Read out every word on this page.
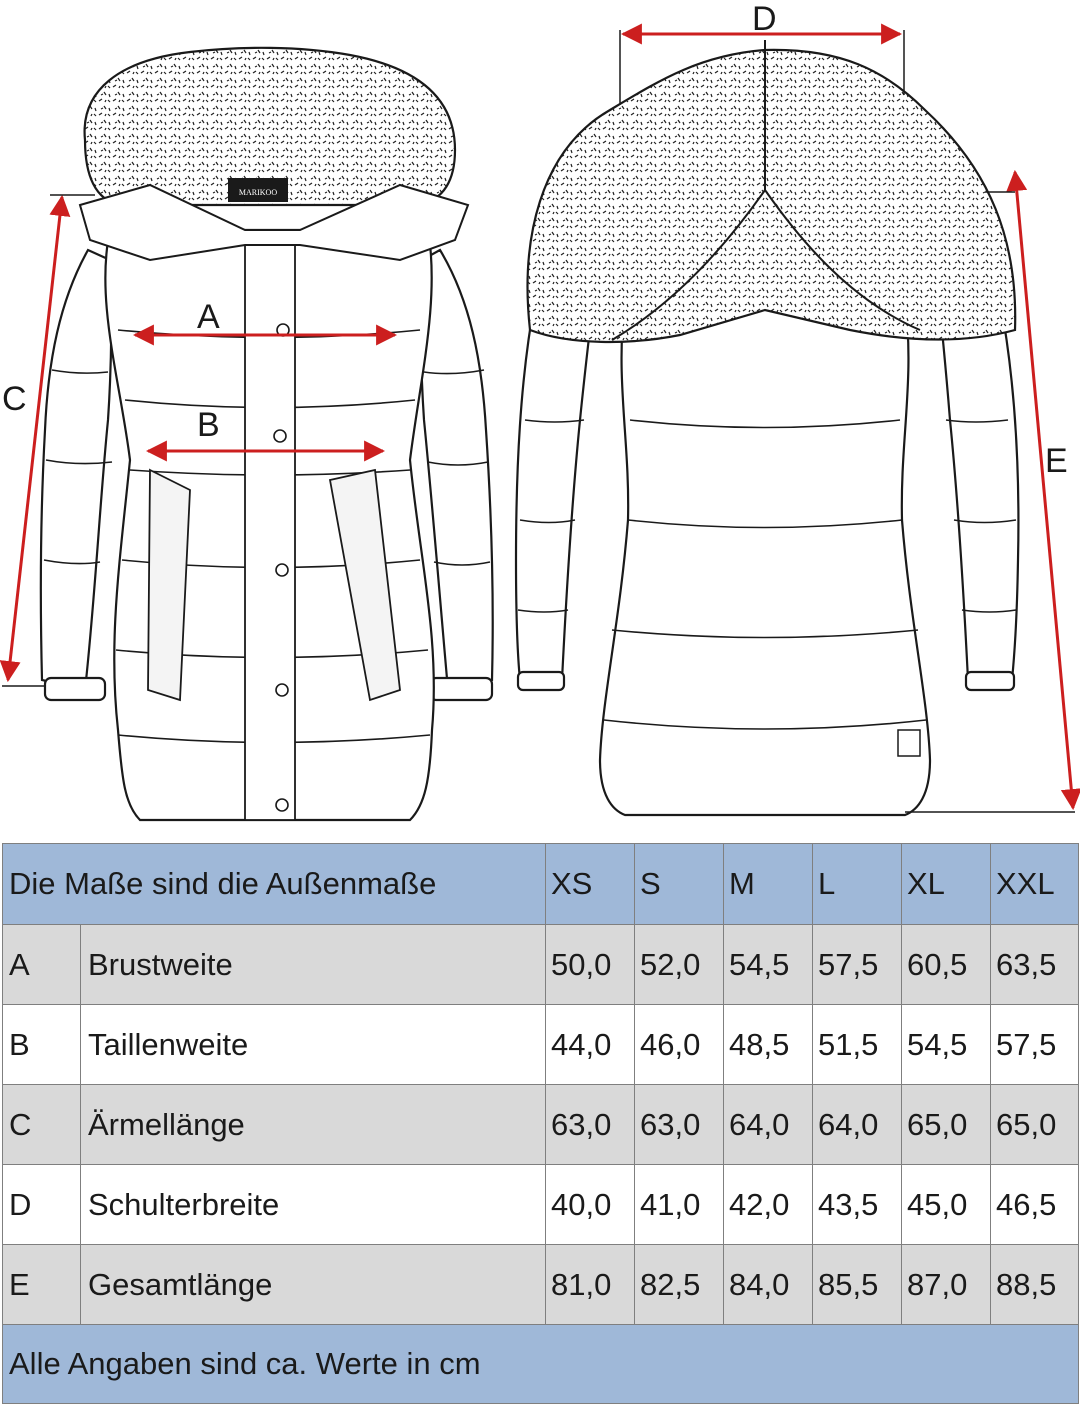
MARIKOO
A
B
C
D
E
Die Maße sind die Außenmaße		XS	S	M	L	XL	XXL
A	Brustweite	50,0	52,0	54,5	57,5	60,5	63,5
B	Taillenweite	44,0	46,0	48,5	51,5	54,5	57,5
C	Ärmellänge	63,0	63,0	64,0	64,0	65,0	65,0
D	Schulterbreite	40,0	41,0	42,0	43,5	45,0	46,5
E	Gesamtlänge	81,0	82,5	84,0	85,5	87,0	88,5
Alle Angaben sind ca. Werte in cm							
